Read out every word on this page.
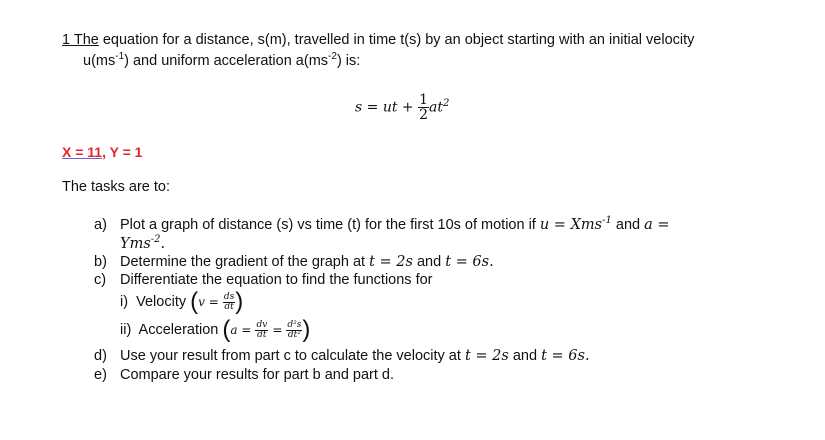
1 The equation for a distance, s(m), travelled in time t(s) by an object starting with an initial velocity
$u(ms^{-1})$ and uniform acceleration $a(ms^{-2})$ is:
s = ut + $\frac{1}{2} at^2$
X = 11, Y = 1
The tasks are to:
a) Plot a graph of distance (s) vs time (t) for the first 10s of motion if u = Xms$^{-1}$ and a =
Yms$^{-2}$.
b) Determine the gradient of the graph at t = 2s and t = 6s.
c) Differentiate the equation to find the functions for
i) Velocity ($v = \frac{ds}{dt}$ )
ii) Acceleration ($a = \frac{dv}{dt} = \frac{\text{d²s}}{\text{dt²}}$ )
d) Use your result from part c to calculate the velocity at t = 2s and t = 6s.
e) Compare your results for part b and part d.
